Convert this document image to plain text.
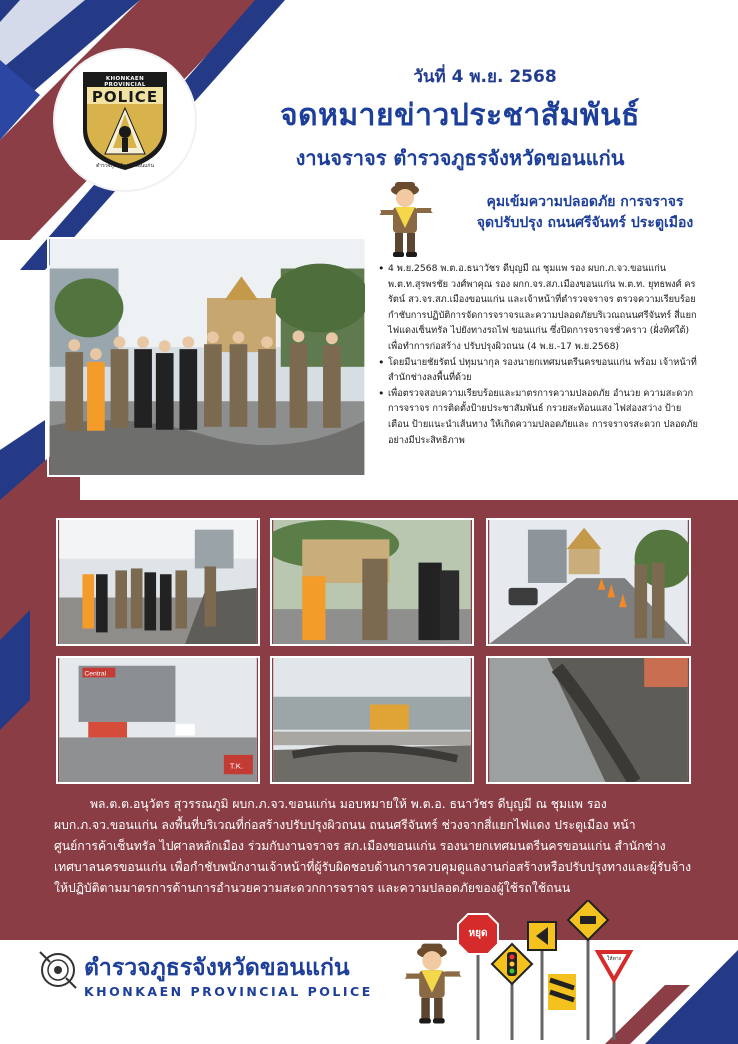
KHONKAEN PROVINCIAL
POLICE
ตำรวจภูธรจังหวัดขอนแก่น
วันที่ 4 พ.ย. 2568
จดหมายข่าวประชาสัมพันธ์
งานจราจร ตำรวจภูธรจังหวัดขอนแก่น
คุมเข้มความปลอดภัย การจราจร
จุดปรับปรุง ถนนศรีจันทร์ ประตูเมือง
• 4 พ.ย.2568 พ.ต.อ.ธนาวัชร ดีบุญมี ณ ชุมแพ รอง ผบก.ภ.จว.ขอนแก่น พ.ต.ท.สุรพรชัย วงศ์พาคุณ รอง ผกก.จร.สภ.เมืองขอนแก่น พ.ต.ท. ยุทธพงศ์ ครรัตน์ สว.จร.สภ.เมืองขอนแก่น และเจ้าหน้าที่ตำรวจจราจร ตรวจความเรียบร้อย กำชับการปฏิบัติการจัดการจราจรและความปลอดภัยบริเวณถนนศรีจันทร์ สี่แยกไฟแดงเซ็นทรัล ไปยังทางรถไฟ ขอนแก่น ซึ่งปิดการจราจรชั่วคราว (ฝั่งทิศใต้) เพื่อทำการก่อสร้าง ปรับปรุงผิวถนน (4 พ.ย.-17 พ.ย.2568)
• โดยมีนายชัยรัตน์ ปทุมนากุล รองนายกเทศมนตรีนครขอนแก่น พร้อม เจ้าหน้าที่สำนักช่างลงพื้นที่ด้วย
• เพื่อตรวจสอบความเรียบร้อยและมาตรการความปลอดภัย อำนวย ความสะดวกการจราจร การติดตั้งป้ายประชาสัมพันธ์ กรวยสะท้อนแสง ไฟส่องสว่าง ป้ายเตือน ป้ายแนะนำเส้นทาง ให้เกิดความปลอดภัยและ การจราจรสะดวก ปลอดภัยอย่างมีประสิทธิภาพ
Central
T.K.
พล.ต.ต.อนุวัตร สุวรรณภูมิ ผบก.ภ.จว.ขอนแก่น มอบหมายให้ พ.ต.อ. ธนาวัชร ดีบุญมี ณ ชุมแพ รอง ผบก.ภ.จว.ขอนแก่น ลงพื้นที่บริเวณที่ก่อสร้างปรับปรุงผิวถนน ถนนศรีจันทร์ ช่วงจากสี่แยกไฟแดง ประตูเมือง หน้าศูนย์การค้าเซ็นทรัล ไปศาลหลักเมือง ร่วมกับงานจราจร สภ.เมืองขอนแก่น รองนายกเทศมนตรีนครขอนแก่น สำนักช่างเทศบาลนครขอนแก่น เพื่อกำชับพนักงานเจ้าหน้าที่ผู้รับผิดชอบด้านการควบคุมดูแลงานก่อสร้างหรือปรับปรุงทางและผู้รับจ้าง ให้ปฏิบัติตามมาตรการด้านการอำนวยความสะดวกการจราจร และความปลอดภัยของผู้ใช้รถใช้ถนน
ตำรวจภูธรจังหวัดขอนแก่น
KHONKAEN PROVINCIAL POLICE
หยุด
ให้ทาง
